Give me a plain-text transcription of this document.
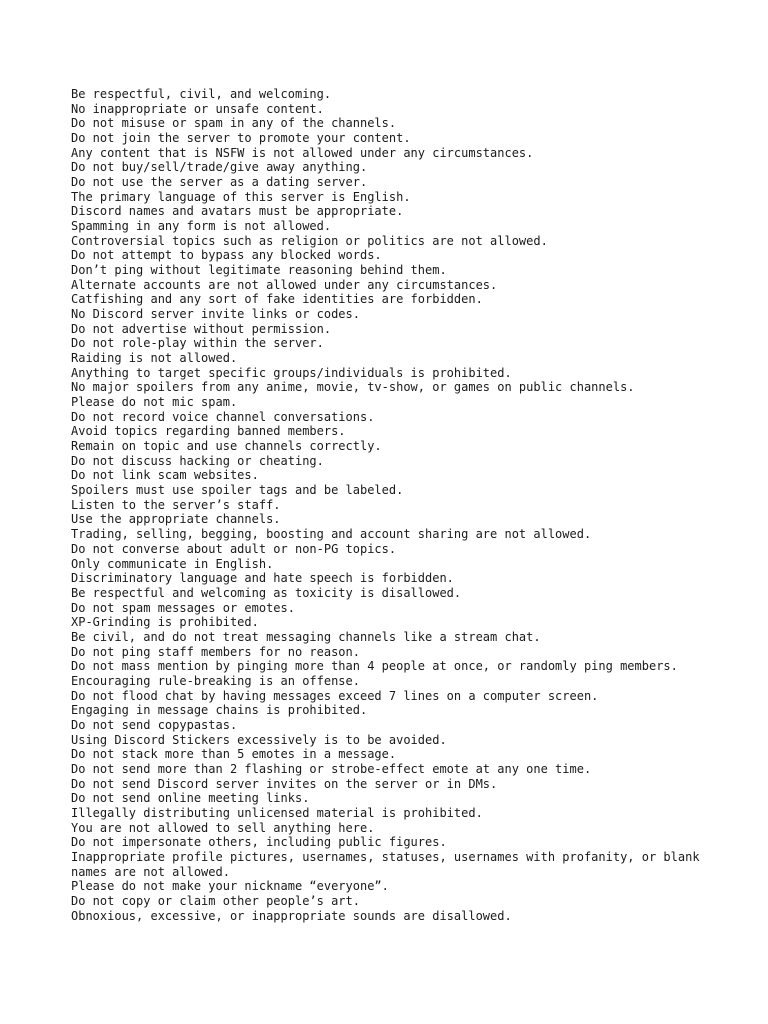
Be respectful, civil, and welcoming.
No inappropriate or unsafe content.
Do not misuse or spam in any of the channels.
Do not join the server to promote your content.
Any content that is NSFW is not allowed under any circumstances.
Do not buy/sell/trade/give away anything.
Do not use the server as a dating server.
The primary language of this server is English.
Discord names and avatars must be appropriate.
Spamming in any form is not allowed.
Controversial topics such as religion or politics are not allowed.
Do not attempt to bypass any blocked words.
Don’t ping without legitimate reasoning behind them.
Alternate accounts are not allowed under any circumstances.
Catfishing and any sort of fake identities are forbidden.
No Discord server invite links or codes.
Do not advertise without permission.
Do not role-play within the server.
Raiding is not allowed.
Anything to target specific groups/individuals is prohibited.
No major spoilers from any anime, movie, tv-show, or games on public channels.
Please do not mic spam.
Do not record voice channel conversations.
Avoid topics regarding banned members.
Remain on topic and use channels correctly.
Do not discuss hacking or cheating.
Do not link scam websites.
Spoilers must use spoiler tags and be labeled.
Listen to the server’s staff.
Use the appropriate channels.
Trading, selling, begging, boosting and account sharing are not allowed.
Do not converse about adult or non-PG topics.
Only communicate in English.
Discriminatory language and hate speech is forbidden.
Be respectful and welcoming as toxicity is disallowed.
Do not spam messages or emotes.
XP-Grinding is prohibited.
Be civil, and do not treat messaging channels like a stream chat.
Do not ping staff members for no reason.
Do not mass mention by pinging more than 4 people at once, or randomly ping members.
Encouraging rule-breaking is an offense.
Do not flood chat by having messages exceed 7 lines on a computer screen.
Engaging in message chains is prohibited.
Do not send copypastas.
Using Discord Stickers excessively is to be avoided.
Do not stack more than 5 emotes in a message.
Do not send more than 2 flashing or strobe-effect emote at any one time.
Do not send Discord server invites on the server or in DMs.
Do not send online meeting links.
Illegally distributing unlicensed material is prohibited.
You are not allowed to sell anything here.
Do not impersonate others, including public figures.
Inappropriate profile pictures, usernames, statuses, usernames with profanity, or blank names are not allowed.
Please do not make your nickname “everyone”.
Do not copy or claim other people’s art.
Obnoxious, excessive, or inappropriate sounds are disallowed.
